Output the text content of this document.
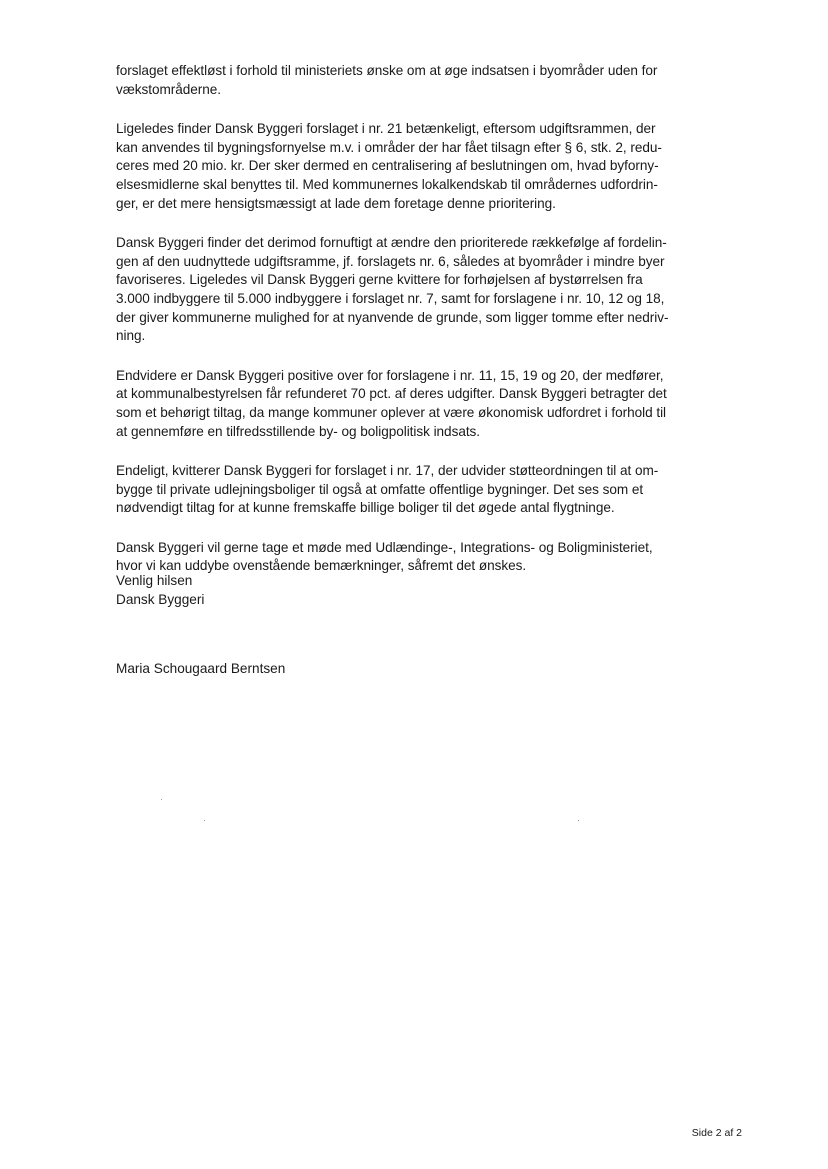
forslaget effektløst i forhold til ministeriets ønske om at øge indsatsen i byområder uden for
vækstområderne.

Ligeledes finder Dansk Byggeri forslaget i nr. 21 betænkeligt, eftersom udgiftsrammen, der
kan anvendes til bygningsfornyelse m.v. i områder der har fået tilsagn efter § 6, stk. 2, redu-
ceres med 20 mio. kr. Der sker dermed en centralisering af beslutningen om, hvad byforny-
elsesmidlerne skal benyttes til. Med kommunernes lokalkendskab til områdernes udfordrin-
ger, er det mere hensigtsmæssigt at lade dem foretage denne prioritering.

Dansk Byggeri finder det derimod fornuftigt at ændre den prioriterede rækkefølge af fordelin-
gen af den uudnyttede udgiftsramme, jf. forslagets nr. 6, således at byområder i mindre byer
favoriseres. Ligeledes vil Dansk Byggeri gerne kvittere for forhøjelsen af bystørrelsen fra
3.000 indbyggere til 5.000 indbyggere i forslaget nr. 7, samt for forslagene i nr. 10, 12 og 18,
der giver kommunerne mulighed for at nyanvende de grunde, som ligger tomme efter nedriv-
ning.

Endvidere er Dansk Byggeri positive over for forslagene i nr. 11, 15, 19 og 20, der medfører,
at kommunalbestyrelsen får refunderet 70 pct. af deres udgifter. Dansk Byggeri betragter det
som et behørigt tiltag, da mange kommuner oplever at være økonomisk udfordret i forhold til
at gennemføre en tilfredsstillende by- og boligpolitisk indsats.

Endeligt, kvitterer Dansk Byggeri for forslaget i nr. 17, der udvider støtteordningen til at om-
bygge til private udlejningsboliger til også at omfatte offentlige bygninger. Det ses som et
nødvendigt tiltag for at kunne fremskaffe billige boliger til det øgede antal flygtninge.

Dansk Byggeri vil gerne tage et møde med Udlændinge-, Integrations- og Boligministeriet,
hvor vi kan uddybe ovenstående bemærkninger, såfremt det ønskes.

Venlig hilsen
Dansk Byggeri
Maria Schougaard Berntsen
Side 2 af 2
